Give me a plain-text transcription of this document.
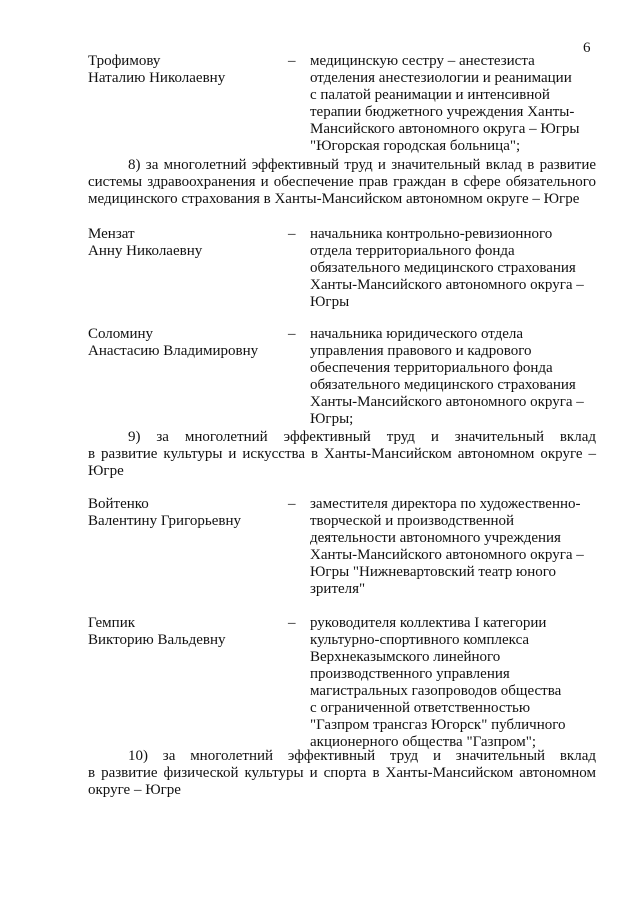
6
Трофимову
Наталию Николаевну
– медицинскую сестру – анестезиста
отделения анестезиологии и реанимации
с палатой реанимации и интенсивной
терапии бюджетного учреждения Ханты-
Мансийского автономного округа – Югры
"Югорская городская больница";
8) за многолетний эффективный труд и значительный вклад в развитие
системы здравоохранения и обеспечение прав граждан в сфере обязательного
медицинского страхования в Ханты-Мансийском автономном округе – Югре
Мензат
Анну Николаевну
– начальника контрольно-ревизионного
отдела территориального фонда
обязательного медицинского страхования
Ханты-Мансийского автономного округа –
Югры
Соломину
Анастасию Владимировну
– начальника юридического отдела
управления правового и кадрового
обеспечения территориального фонда
обязательного медицинского страхования
Ханты-Мансийского автономного округа –
Югры;
9) за многолетний эффективный труд и значительный вклад
в развитие культуры и искусства в Ханты-Мансийском автономном округе –
Югре
Войтенко
Валентину Григорьевну
– заместителя директора по художественно-
творческой и производственной
деятельности автономного учреждения
Ханты-Мансийского автономного округа –
Югры "Нижневартовский театр юного
зрителя"
Гемпик
Викторию Вальдевну
– руководителя коллектива I категории
культурно-спортивного комплекса
Верхнеказымского линейного
производственного управления
магистральных газопроводов общества
с ограниченной ответственностью
"Газпром трансгаз Югорск" публичного
акционерного общества "Газпром";
10) за многолетний эффективный труд и значительный вклад
в развитие физической культуры и спорта в Ханты-Мансийском автономном
округе – Югре
